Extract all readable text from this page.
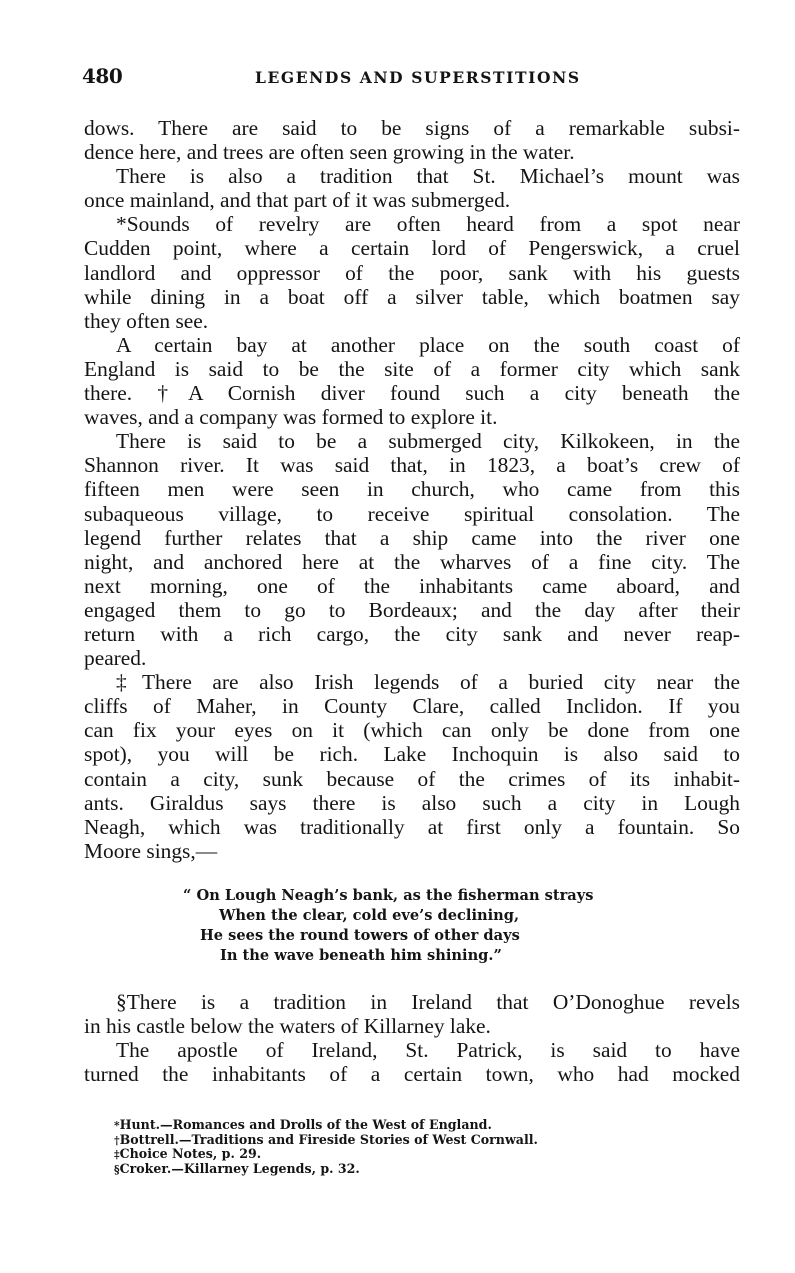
480	LEGENDS AND SUPERSTITIONS
dows. There are said to be signs of a remarkable subsi-
dence here, and trees are often seen growing in the water.
There is also a tradition that St. Michael’s mount was
once mainland, and that part of it was submerged.
*Sounds of revelry are often heard from a spot near
Cudden point, where a certain lord of Pengerswick, a cruel
landlord and oppressor of the poor, sank with his guests
while dining in a boat off a silver table, which boatmen say
they often see.
A certain bay at another place on the south coast of
England is said to be the site of a former city which sank
there. †A Cornish diver found such a city beneath the
waves, and a company was formed to explore it.
There is said to be a submerged city, Kilkokeen, in the
Shannon river. It was said that, in 1823, a boat’s crew of
fifteen men were seen in church, who came from this
subaqueous village, to receive spiritual consolation. The
legend further relates that a ship came into the river one
night, and anchored here at the wharves of a fine city. The
next morning, one of the inhabitants came aboard, and
engaged them to go to Bordeaux; and the day after their
return with a rich cargo, the city sank and never reap-
peared.
‡There are also Irish legends of a buried city near the
cliffs of Maher, in County Clare, called Inclidon. If you
can fix your eyes on it (which can only be done from one
spot), you will be rich. Lake Inchoquin is also said to
contain a city, sunk because of the crimes of its inhabit-
ants. Giraldus says there is also such a city in Lough
Neagh, which was traditionally at first only a fountain. So
Moore sings,—
“ On Lough Neagh’s bank, as the fisherman strays
When the clear, cold eve’s declining,
He sees the round towers of other days
In the wave beneath him shining.”
§There is a tradition in Ireland that O’Donoghue revels
in his castle below the waters of Killarney lake.
The apostle of Ireland, St. Patrick, is said to have
turned the inhabitants of a certain town, who had mocked
*Hunt.—Romances and Drolls of the West of England.
†Bottrell.—Traditions and Fireside Stories of West Cornwall.
‡Choice Notes, p. 29.
§Croker.—Killarney Legends, p. 32.
